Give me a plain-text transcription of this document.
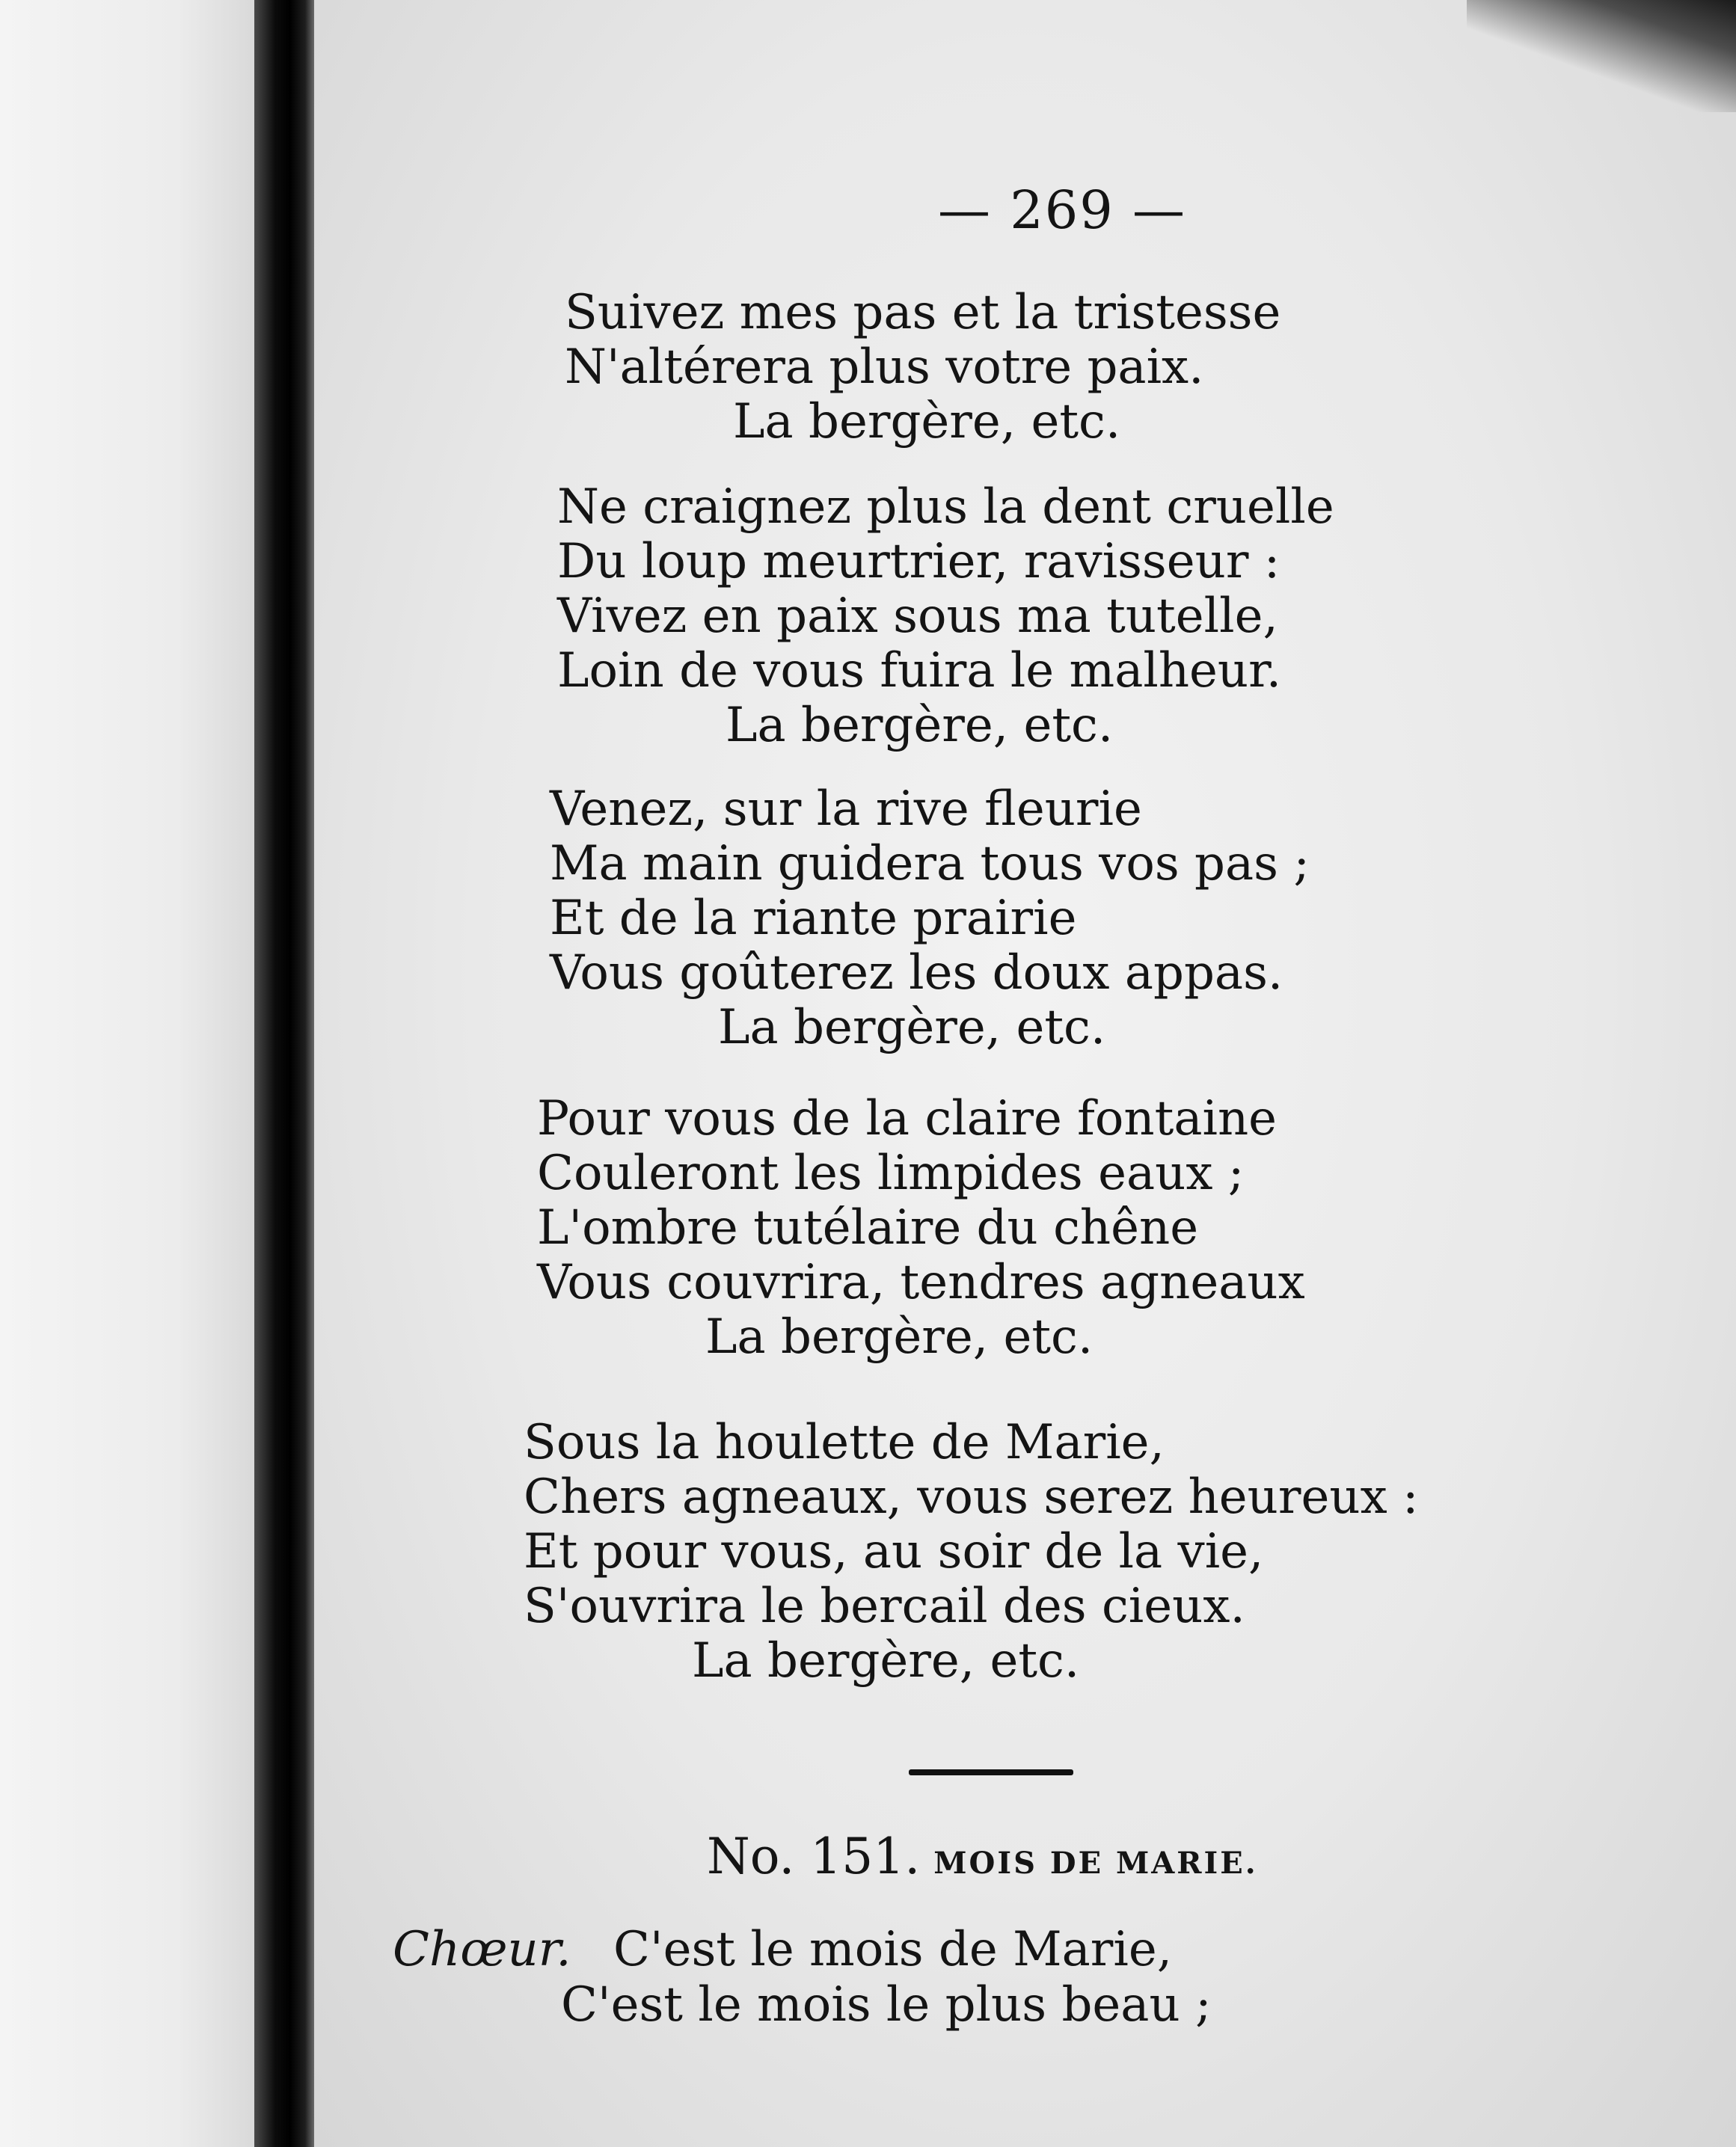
— 269 —
Suivez mes pas et la tristesse
N'altérera plus votre paix.
La bergère, etc.
Ne craignez plus la dent cruelle
Du loup meurtrier, ravisseur :
Vivez en paix sous ma tutelle,
Loin de vous fuira le malheur.
La bergère, etc.
Venez, sur la rive fleurie
Ma main guidera tous vos pas ;
Et de la riante prairie
Vous goûterez les doux appas.
La bergère, etc.
Pour vous de la claire fontaine
Couleront les limpides eaux ;
L'ombre tutélaire du chêne
Vous couvrira, tendres agneaux
La bergère, etc.
Sous la houlette de Marie,
Chers agneaux, vous serez heureux :
Et pour vous, au soir de la vie,
S'ouvrira le bercail des cieux.
La bergère, etc.
No. 151. MOIS DE MARIE.
Chœur. C'est le mois de Marie,
C'est le mois le plus beau ;
